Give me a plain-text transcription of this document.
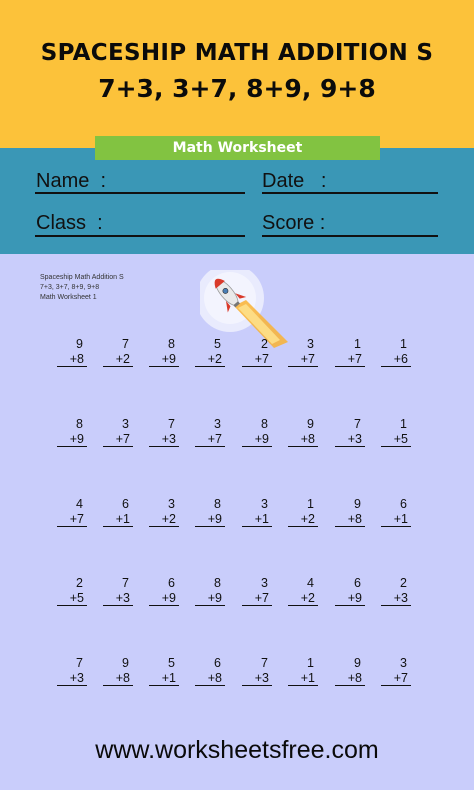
SPACESHIP MATH ADDITION S
7+3, 3+7, 8+9, 9+8
Math Worksheet
Name  :	Date   :
Class  :	Score :
Spaceship Math Addition S
7+3, 3+7, 8+9, 9+8
Math Worksheet 1
9
+8
7
+2
8
+9
5
+2
2
+7
3
+7
1
+7
1
+6
8
+9
3
+7
7
+3
3
+7
8
+9
9
+8
7
+3
1
+5
4
+7
6
+1
3
+2
8
+9
3
+1
1
+2
9
+8
6
+1
2
+5
7
+3
6
+9
8
+9
3
+7
4
+2
6
+9
2
+3
7
+3
9
+8
5
+1
6
+8
7
+3
1
+1
9
+8
3
+7
www.worksheetsfree.com
